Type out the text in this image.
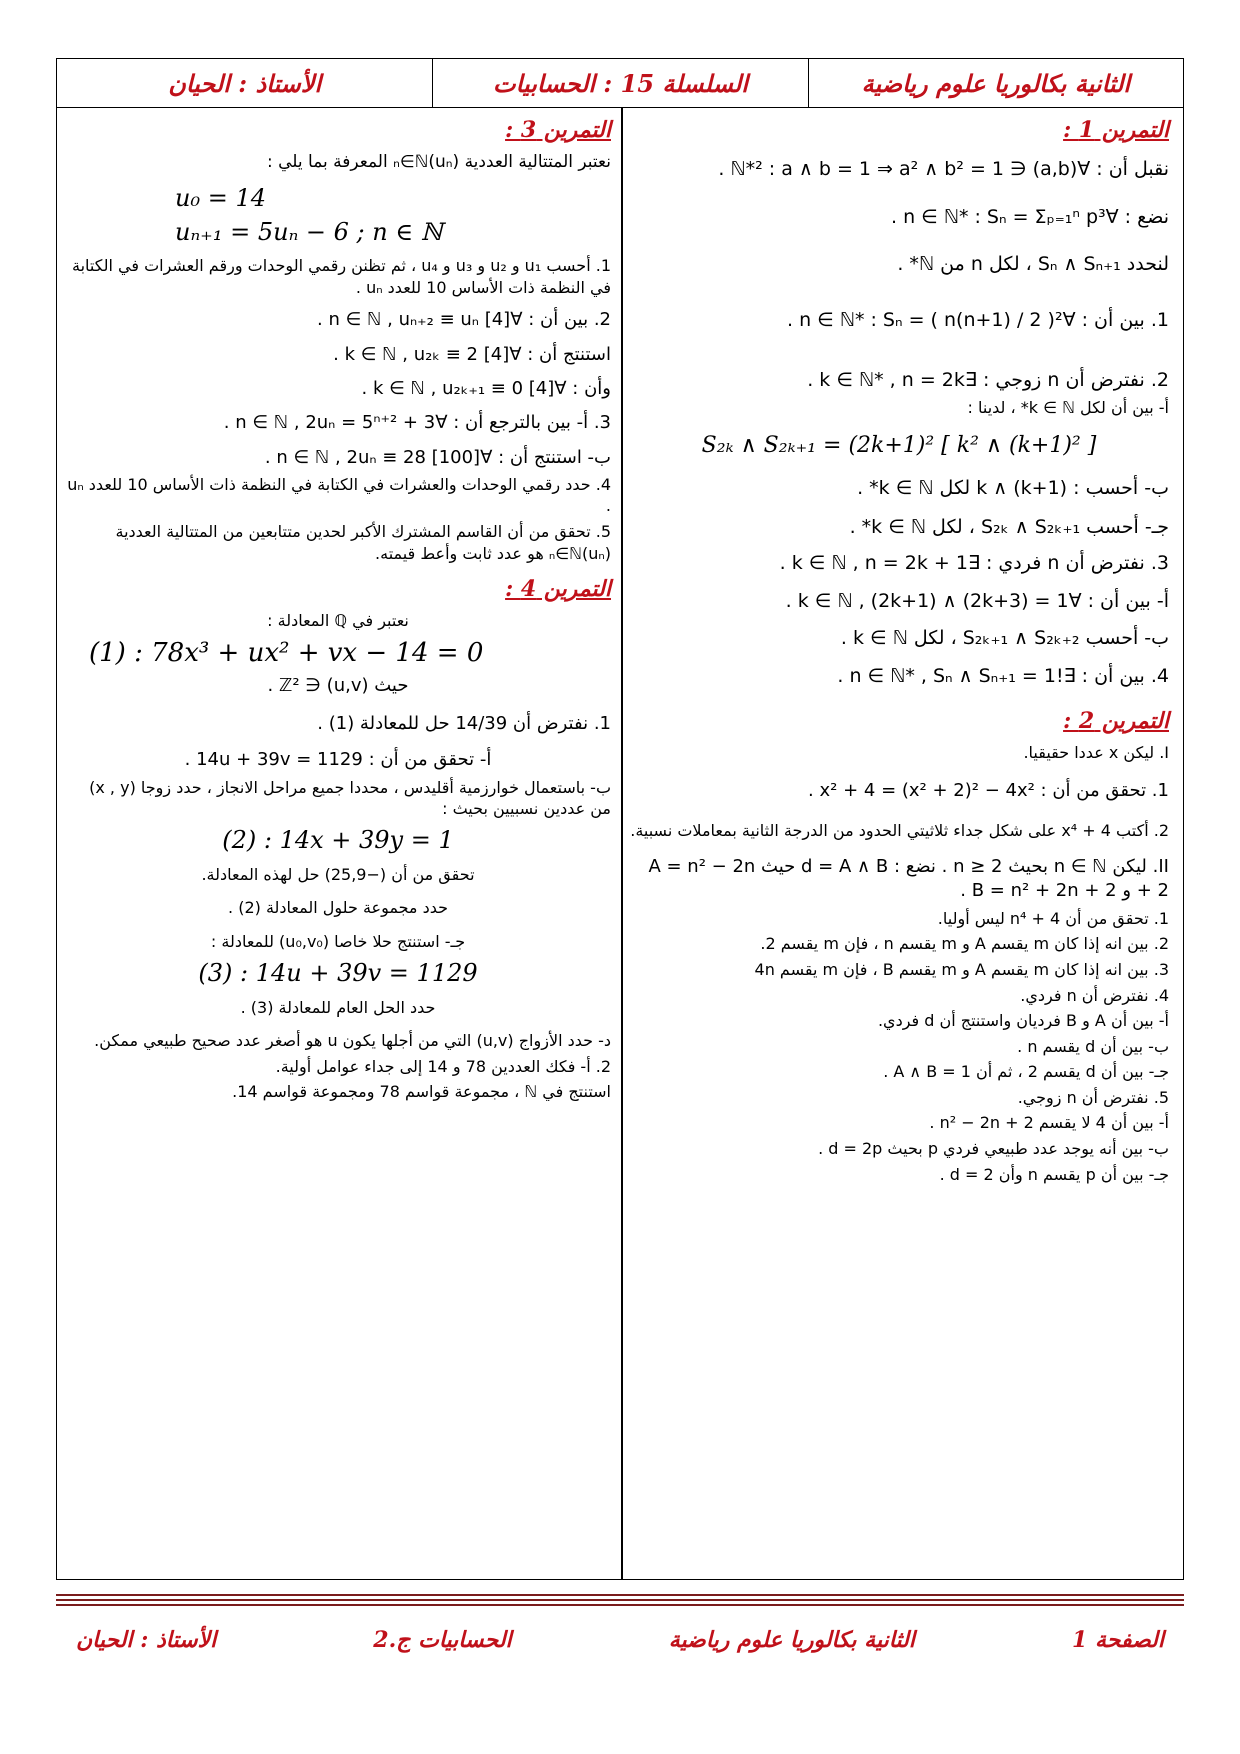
الثانية بكالوريا علوم رياضية
السلسلة 15 : الحسابيات
الأستاذ : الحيان
التمرين 1 :
نقبل أن : ∀(a,b) ∈ ℕ*² : a ∧ b = 1 ⇒ a² ∧ b² = 1 .
نضع : ∀n ∈ ℕ* : Sₙ = Σₚ₌₁ⁿ p³ .
لنحدد Sₙ ∧ Sₙ₊₁ ، لكل n من ℕ* .
1. بين أن : ∀n ∈ ℕ* : Sₙ = ( n(n+1) / 2 )² .
2. نفترض أن n زوجي : ∃k ∈ ℕ* , n = 2k .
أ- بين أن لكل k ∈ ℕ* ، لدينا :
S₂ₖ ∧ S₂ₖ₊₁ = (2k+1)² [ k² ∧ (k+1)² ]
ب- أحسب : k ∧ (k+1) لكل k ∈ ℕ* .
جـ- أحسب S₂ₖ ∧ S₂ₖ₊₁ ، لكل k ∈ ℕ* .
3. نفترض أن n فردي : ∃k ∈ ℕ , n = 2k + 1 .
أ- بين أن : ∀k ∈ ℕ , (2k+1) ∧ (2k+3) = 1 .
ب- أحسب S₂ₖ₊₁ ∧ S₂ₖ₊₂ ، لكل k ∈ ℕ .
4. بين أن : ∃!n ∈ ℕ* , Sₙ ∧ Sₙ₊₁ = 1 .
التمرين 2 :
I. ليكن x عددا حقيقيا.
1. تحقق من أن : x² + 4 = (x² + 2)² − 4x² .
2. أكتب x⁴ + 4 على شكل جداء ثلاثيتي الحدود من الدرجة الثانية بمعاملات نسبية.
II. ليكن n ∈ ℕ بحيث n ≥ 2 . نضع : d = A ∧ B حيث A = n² − 2n + 2 و B = n² + 2n + 2 .
1. تحقق من أن n⁴ + 4 ليس أوليا.
2. بين انه إذا كان m يقسم A و m يقسم n ، فإن m يقسم 2.
3. بين انه إذا كان m يقسم A و m يقسم B ، فإن m يقسم 4n
4. نفترض أن n فردي.
أ- بين أن A و B فرديان واستنتج أن d فردي.
ب- بين أن d يقسم n .
جـ- بين أن d يقسم 2 ، ثم أن A ∧ B = 1 .
5. نفترض أن n زوجي.
أ- بين أن 4 لا يقسم n² − 2n + 2 .
ب- بين أنه يوجد عدد طبيعي فردي p بحيث d = 2p .
جـ- بين أن p يقسم n وأن d = 2 .
التمرين 3 :
نعتبر المتتالية العددية (uₙ)ₙ∈ℕ المعرفة بما يلي :
u₀ = 14
uₙ₊₁ = 5uₙ − 6 ; n ∈ ℕ
1. أحسب u₁ و u₂ و u₃ و u₄ ، ثم تظنن رقمي الوحدات ورقم العشرات في الكتابة في النظمة ذات الأساس 10 للعدد uₙ .
2. بين أن : ∀n ∈ ℕ , uₙ₊₂ ≡ uₙ [4] .
استنتج أن : ∀k ∈ ℕ , u₂ₖ ≡ 2 [4] .
وأن : ∀k ∈ ℕ , u₂ₖ₊₁ ≡ 0 [4] .
3. أ- بين بالترجع أن : ∀n ∈ ℕ , 2uₙ = 5ⁿ⁺² + 3 .
ب- استنتج أن : ∀n ∈ ℕ , 2uₙ ≡ 28 [100] .
4. حدد رقمي الوحدات والعشرات في الكتابة في النظمة ذات الأساس 10 للعدد uₙ .
5. تحقق من أن القاسم المشترك الأكبر لحدين متتابعين من المتتالية العددية (uₙ)ₙ∈ℕ هو عدد ثابت وأعط قيمته.
التمرين 4 :
نعتبر في ℚ المعادلة :
(1) : 78x³ + ux² + vx − 14 = 0
حيث (u,v) ∈ ℤ² .
1. نفترض أن 14/39 حل للمعادلة (1) .
أ- تحقق من أن : 14u + 39v = 1129 .
ب- باستعمال خوارزمية أقليدس ، محددا جميع مراحل الانجاز ، حدد زوجا (x , y) من عددين نسبيين بحيث :
(2) : 14x + 39y = 1
تحقق من أن (−25,9) حل لهذه المعادلة.
حدد مجموعة حلول المعادلة (2) .
جـ- استنتج حلا خاصا (u₀,v₀) للمعادلة :
(3) : 14u + 39v = 1129
حدد الحل العام للمعادلة (3) .
د- حدد الأزواج (u,v) التي من أجلها يكون u هو أصغر عدد صحيح طبيعي ممكن.
2. أ- فكك العددين 78 و 14 إلى جداء عوامل أولية.
استنتج في ℕ ، مجموعة قواسم 78 ومجموعة قواسم 14.
الصفحة 1
الثانية بكالوريا علوم رياضية
الحسابيات ج.2
الأستاذ : الحيان
